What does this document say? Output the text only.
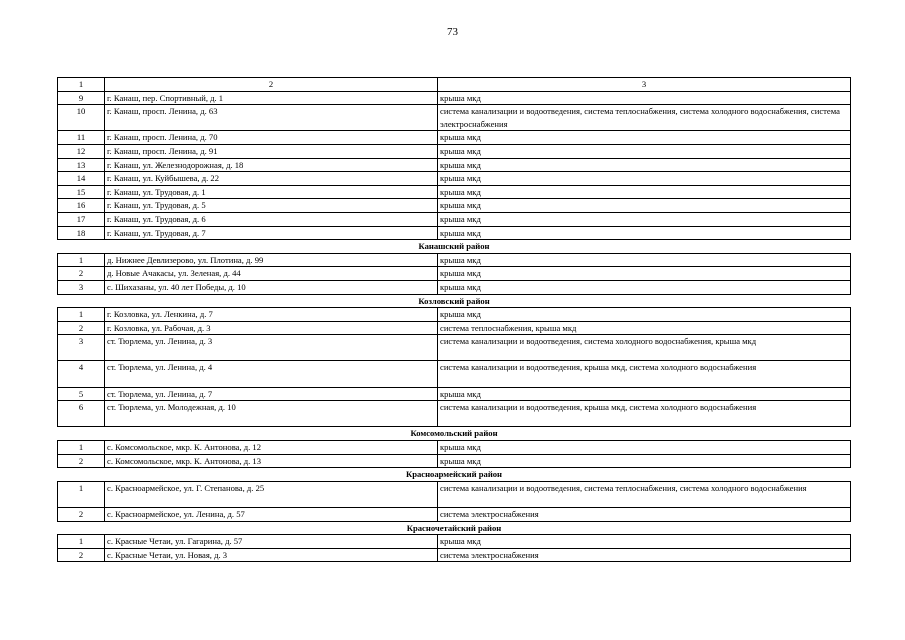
73
1	2	3
9	г. Канаш, пер. Спортивный, д. 1	крыша мкд
10	г. Канаш, просп. Ленина, д. 63	система канализации и водоотведения, система теплоснабжения, система холодного водоснабжения, система электроснабжения
11	г. Канаш, просп. Ленина, д. 70	крыша мкд
12	г. Канаш, просп. Ленина, д. 91	крыша мкд
13	г. Канаш, ул. Железнодорожная, д. 18	крыша мкд
14	г. Канаш, ул. Куйбышева, д. 22	крыша мкд
15	г. Канаш, ул. Трудовая, д. 1	крыша мкд
16	г. Канаш, ул. Трудовая, д. 5	крыша мкд
17	г. Канаш, ул. Трудовая, д. 6	крыша мкд
18	г. Канаш, ул. Трудовая, д. 7	крыша мкд
Канашский район		
1	д. Нижнее Девлизерово, ул. Плотина, д. 99	крыша мкд
2	д. Новые Ачакасы, ул. Зеленая, д. 44	крыша мкд
3	с. Шихазаны, ул. 40 лет Победы, д. 10	крыша мкд
Козловский район		
1	г. Козловка, ул. Ленкина, д. 7	крыша мкд
2	г. Козловка, ул. Рабочая, д. 3	система теплоснабжения, крыша мкд
3	ст. Тюрлема, ул. Ленина, д. 3	система канализации и водоотведения, система холодного водоснабжения, крыша мкд
4	ст. Тюрлема, ул. Ленина, д. 4	система канализации и водоотведения, крыша мкд, система холодного водоснабжения
5	ст. Тюрлема, ул. Ленина, д. 7	крыша мкд
6	ст. Тюрлема, ул. Молодежная, д. 10	система канализации и водоотведения, крыша мкд, система холодного водоснабжения
Комсомольский район		
1	с. Комсомольское, мкр. К. Антонова, д. 12	крыша мкд
2	с. Комсомольское, мкр. К. Антонова, д. 13	крыша мкд
Красноармейский район		
1	с. Красноармейское, ул. Г. Степанова, д. 25	система канализации и водоотведения, система теплоснабжения, система холодного водоснабжения
2	с. Красноармейское, ул. Ленина, д. 57	система электроснабжения
Красночетайский район		
1	с. Красные Четаи, ул. Гагарина, д. 57	крыша мкд
2	с. Красные Четаи, ул. Новая, д. 3	система электроснабжения
